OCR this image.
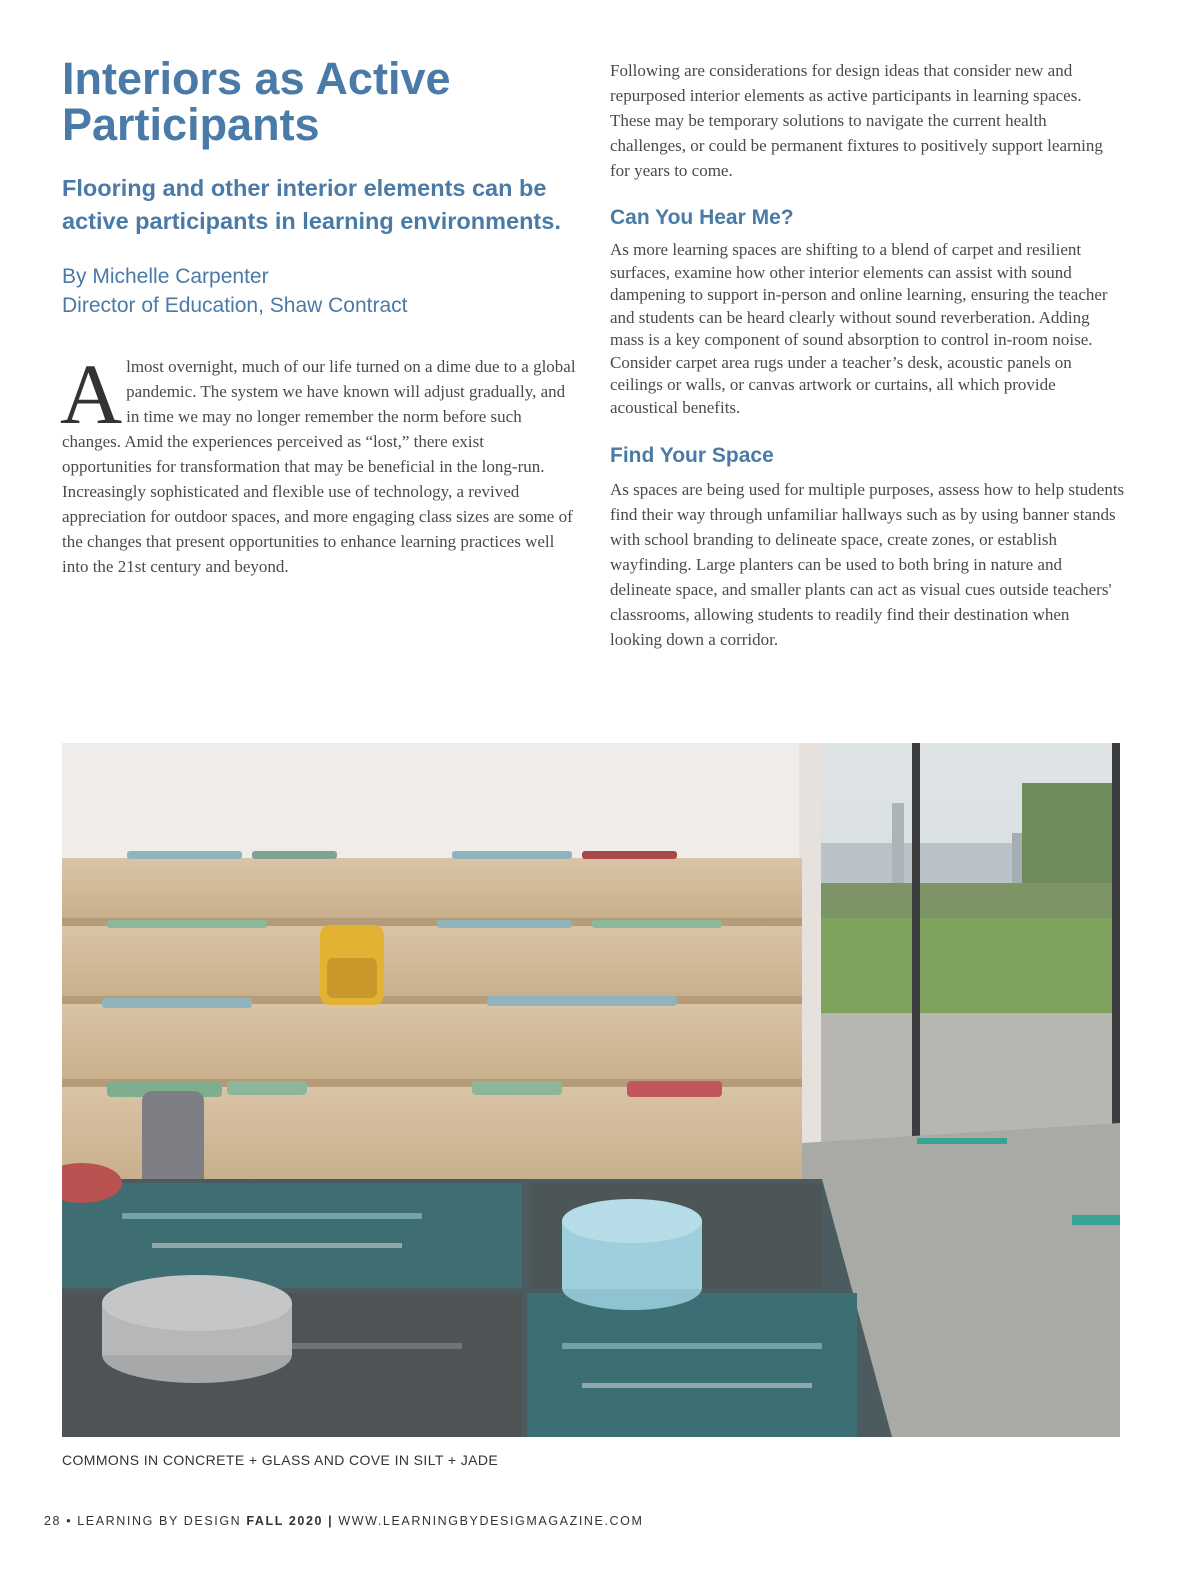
Interiors as Active Participants
Flooring and other interior elements can be active participants in learning environments.
By Michelle Carpenter
Director of Education, Shaw Contract
Almost overnight, much of our life turned on a dime due to a global pandemic. The system we have known will adjust gradually, and in time we may no longer remember the norm before such changes. Amid the experiences perceived as “lost,” there exist opportunities for transformation that may be beneficial in the long-run. Increasingly sophisticated and flexible use of technology, a revived appreciation for outdoor spaces, and more engaging class sizes are some of the changes that present opportunities to enhance learning practices well into the 21st century and beyond.

Following are considerations for design ideas that consider new and repurposed interior elements as active participants in learning spaces. These may be temporary solutions to navigate the current health challenges, or could be permanent fixtures to positively support learning for years to come.

Can You Hear Me?

As more learning spaces are shifting to a blend of carpet and resilient surfaces, examine how other interior elements can assist with sound dampening to support in-person and online learning, ensuring the teacher and students can be heard clearly without sound reverberation. Adding mass is a key component of sound absorption to control in-room noise. Consider carpet area rugs under a teacher’s desk, acoustic panels on ceilings or walls, or canvas artwork or curtains, all which provide acoustical benefits.

Find Your Space

As spaces are being used for multiple purposes, assess how to help students find their way through unfamiliar hallways such as by using banner stands with school branding to delineate space, create zones, or establish wayfinding. Large planters can be used to both bring in nature and delineate space, and smaller plants can act as visual cues outside teachers' classrooms, allowing students to readily find their destination when looking down a corridor.

COMMONS IN CONCRETE + GLASS AND COVE IN SILT + JADE
28 • LEARNING BY DESIGN FALL 2020 | WWW.LEARNINGBYDESIGMAGAZINE.COM
